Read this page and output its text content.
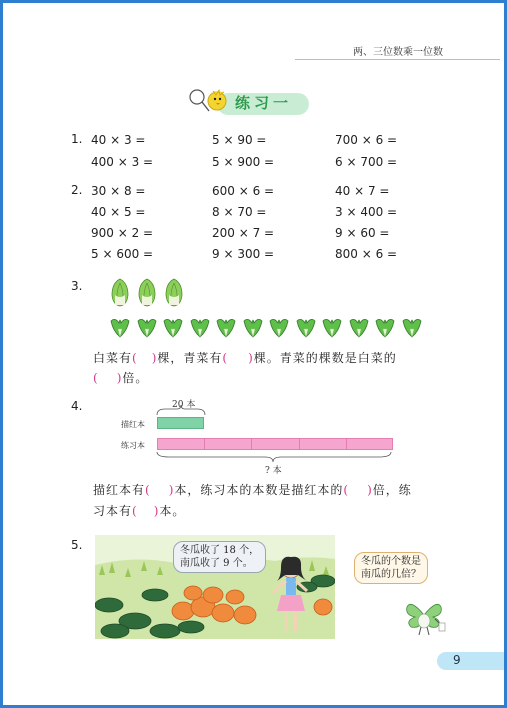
两、三位数乘一位数
练习一
1. 40 × 3 =	5 × 90 =	700 × 6 =
400 × 3 =	5 × 900 =	6 × 700 =
2. 30 × 8 =	600 × 6 =	40 × 7 =
40 × 5 =	8 × 70 =	3 × 400 =
900 × 2 =	200 × 7 =	9 × 60 =
5 × 600 =	9 × 300 =	800 × 6 =
3.
白菜有( )棵，青菜有( )棵。青菜的棵数是白菜的
( )倍。
4.	20 本
描红本
练习本
? 本
描红本有( )本，练习本的本数是描红本的( )倍，练
习本有( )本。
5.	冬瓜收了 18 个，
南瓜收了 9 个。	冬瓜的个数是
南瓜的几倍？
9
